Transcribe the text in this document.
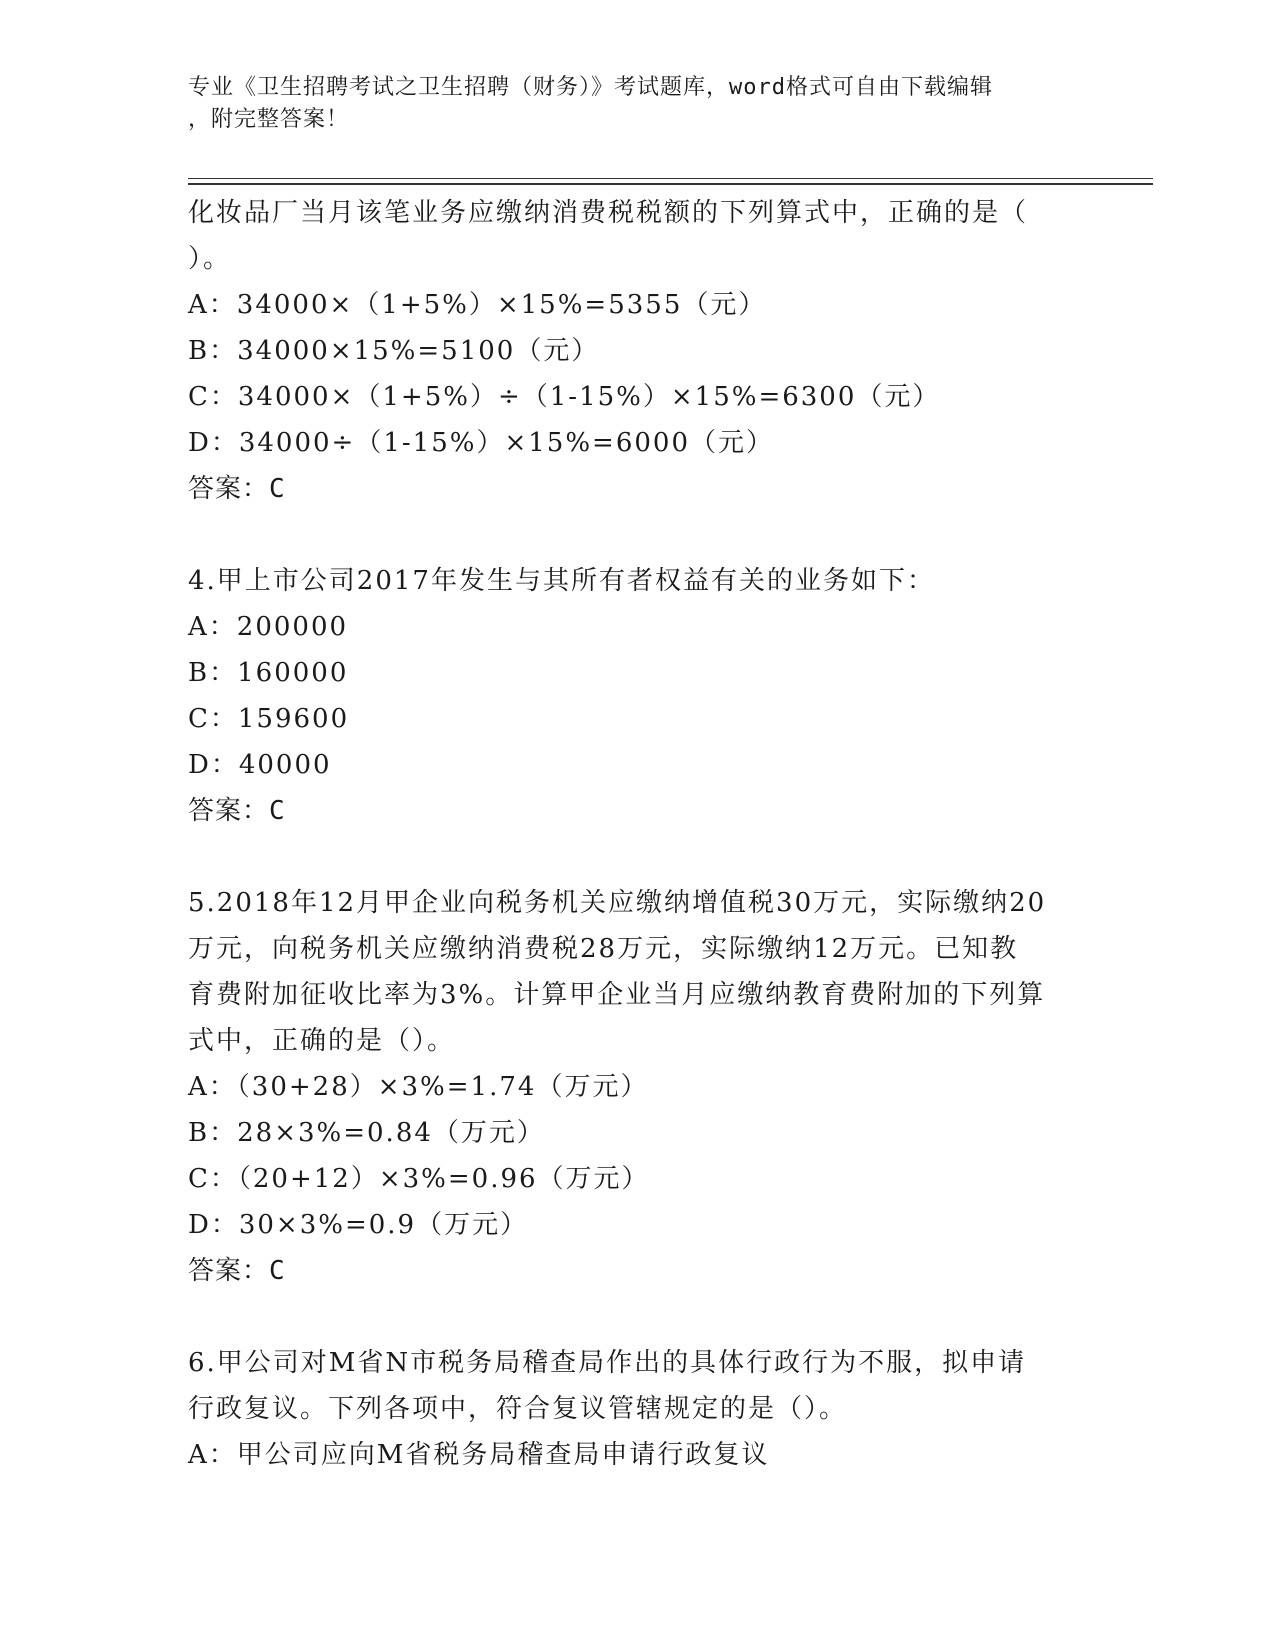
专业《卫生招聘考试之卫生招聘（财务）》考试题库，word格式可自由下载编辑
，附完整答案！
化妆品厂当月该笔业务应缴纳消费税税额的下列算式中，正确的是（
）。
A：34000×（1+5%）×15%=5355（元）
B：34000×15%=5100（元）
C：34000×（1+5%）÷（1-15%）×15%=6300（元）
D：34000÷（1-15%）×15%=6000（元）
答案：C
4.甲上市公司2017年发生与其所有者权益有关的业务如下：
A：200000
B：160000
C：159600
D：40000
答案：C
5.2018年12月甲企业向税务机关应缴纳增值税30万元，实际缴纳20
万元，向税务机关应缴纳消费税28万元，实际缴纳12万元。已知教
育费附加征收比率为3%。计算甲企业当月应缴纳教育费附加的下列算
式中，正确的是（）。
A：（30+28）×3%=1.74（万元）
B：28×3%=0.84（万元）
C：（20+12）×3%=0.96（万元）
D：30×3%=0.9（万元）
答案：C
6.甲公司对M省N市税务局稽查局作出的具体行政行为不服，拟申请
行政复议。下列各项中，符合复议管辖规定的是（）。
A：甲公司应向M省税务局稽查局申请行政复议
